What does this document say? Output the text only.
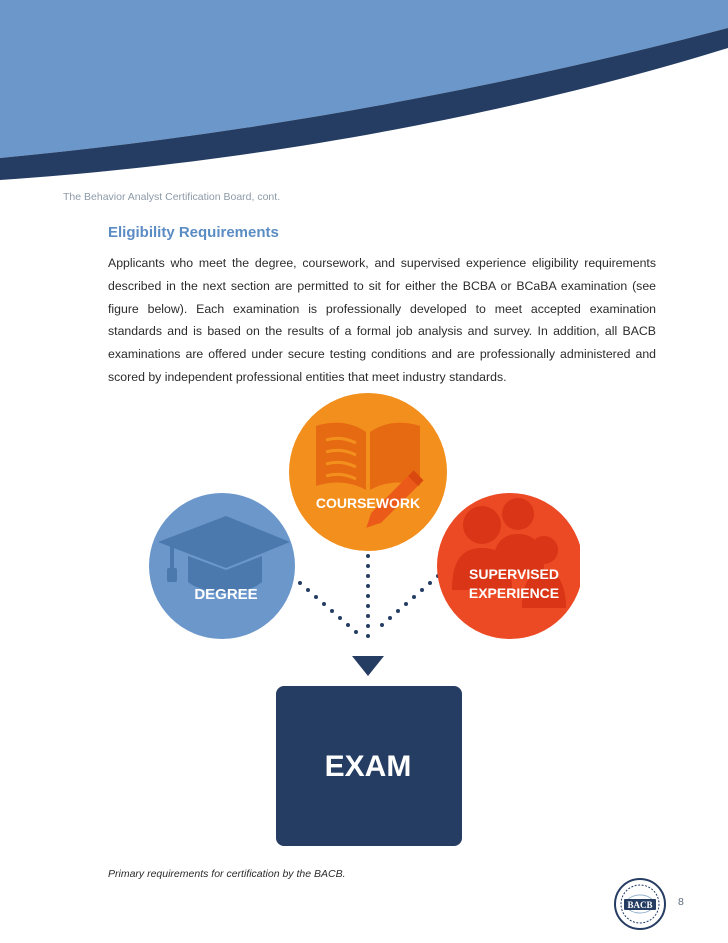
The Behavior Analyst Certification Board, cont.
Eligibility Requirements

Applicants who meet the degree, coursework, and supervised experience eligibility requirements described in the next section are permitted to sit for either the BCBA or BCaBA examination (see figure below). Each examination is professionally developed to meet accepted examination standards and is based on the results of a formal job analysis and survey. In addition, all BACB examinations are offered under secure testing conditions and are professionally administered and scored by independent professional entities that meet industry standards.

DEGREE
SUPERVISED
EXPERIENCE
COURSEWORK
EXAM
Primary requirements for certification by the BACB.
BACB 8
